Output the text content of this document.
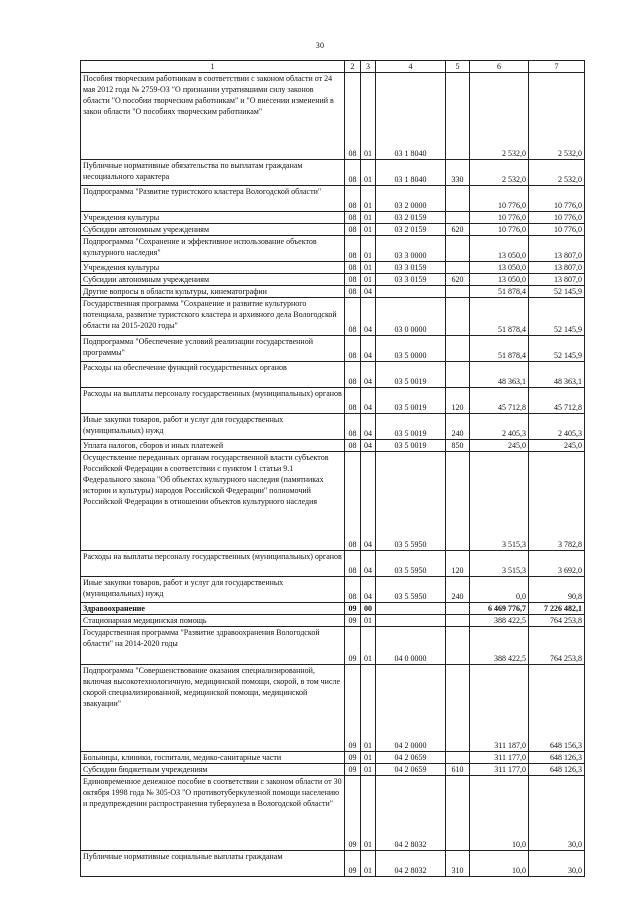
30
1	2	3	4	5	6	7
Пособия творческим работникам в соответствии с законом области от 24 мая 2012 года № 2759-ОЗ "О признании утратившими силу законов области "О пособии творческим работникам" и "О внесении изменений в закон области "О пособиях творческим работникам"	08	01	03 1 8040		2 532,0	2 532,0
Публичные нормативные обязательства по выплатам гражданам несоциального характера	08	01	03 1 8040	330	2 532,0	2 532,0
Подпрограмма "Развитие туристского кластера Вологодской области"	08	01	03 2 0000		10 776,0	10 776,0
Учреждения культуры	08	01	03 2 0159		10 776,0	10 776,0
Субсидии автономным учреждениям	08	01	03 2 0159	620	10 776,0	10 776,0
Подпрограмма "Сохранение и эффективное использование объектов культурного наследия"	08	01	03 3 0000		13 050,0	13 807,0
Учреждения культуры	08	01	03 3 0159		13 050,0	13 807,0
Субсидии автономным учреждениям	08	01	03 3 0159	620	13 050,0	13 807,0
Другие вопросы в области культуры, кинематографии	08	04			51 878,4	52 145,9
Государственная программа "Сохранение и развитие культурного потенциала, развитие туристского кластера и архивного дела Вологодской области на 2015-2020 годы"	08	04	03 0 0000		51 878,4	52 145,9
Подпрограмма "Обеспечение условий реализации государственной программы"	08	04	03 5 0000		51 878,4	52 145,9
Расходы на обеспечение функций государственных органов	08	04	03 5 0019		48 363,1	48 363,1
Расходы на выплаты персоналу государственных (муниципальных) органов	08	04	03 5 0019	120	45 712,8	45 712,8
Иные закупки товаров, работ и услуг для государственных (муниципальных) нужд	08	04	03 5 0019	240	2 405,3	2 405,3
Уплата налогов, сборов и иных платежей	08	04	03 5 0019	850	245,0	245,0
Осуществление переданных органам государственной власти субъектов Российской Федерации в соответствии с пунктом 1 статьи 9.1 Федерального закона "Об объектах культурного наследия (памятниках истории и культуры) народов Российской Федерации" полномочий Российской Федерации в отношении объектов культурного наследия	08	04	03 5 5950		3 515,3	3 782,8
Расходы на выплаты персоналу государственных (муниципальных) органов	08	04	03 5 5950	120	3 515,3	3 692,0
Иные закупки товаров, работ и услуг для государственных (муниципальных) нужд	08	04	03 5 5950	240	0,0	90,8
Здравоохранение	09	00			6 469 776,7	7 226 482,1
Стационарная медицинская помощь	09	01			388 422,5	764 253,8
Государственная программа "Развитие здравоохранения Вологодской области" на 2014-2020 годы	09	01	04 0 0000		388 422,5	764 253,8
Подпрограмма "Совершенствование оказания специализированной, включая высокотехнологичную, медицинской помощи, скорой, в том числе скорой специализированной, медицинской помощи, медицинской эвакуации"	09	01	04 2 0000		311 187,0	648 156,3
Больницы, клиники, госпитали, медико-санитарные части	09	01	04 2 0659		311 177,0	648 126,3
Субсидии бюджетным учреждениям	09	01	04 2 0659	610	311 177,0	648 126,3
Единовременное денежное пособие в соответствии с законом области от 30 октября 1998 года № 305-ОЗ "О противотуберкулезной помощи населению и предупреждении распространения туберкулеза в Вологодской области"	09	01	04 2 8032		10,0	30,0
Публичные нормативные социальные выплаты гражданам	09	01	04 2 8032	310	10,0	30,0
